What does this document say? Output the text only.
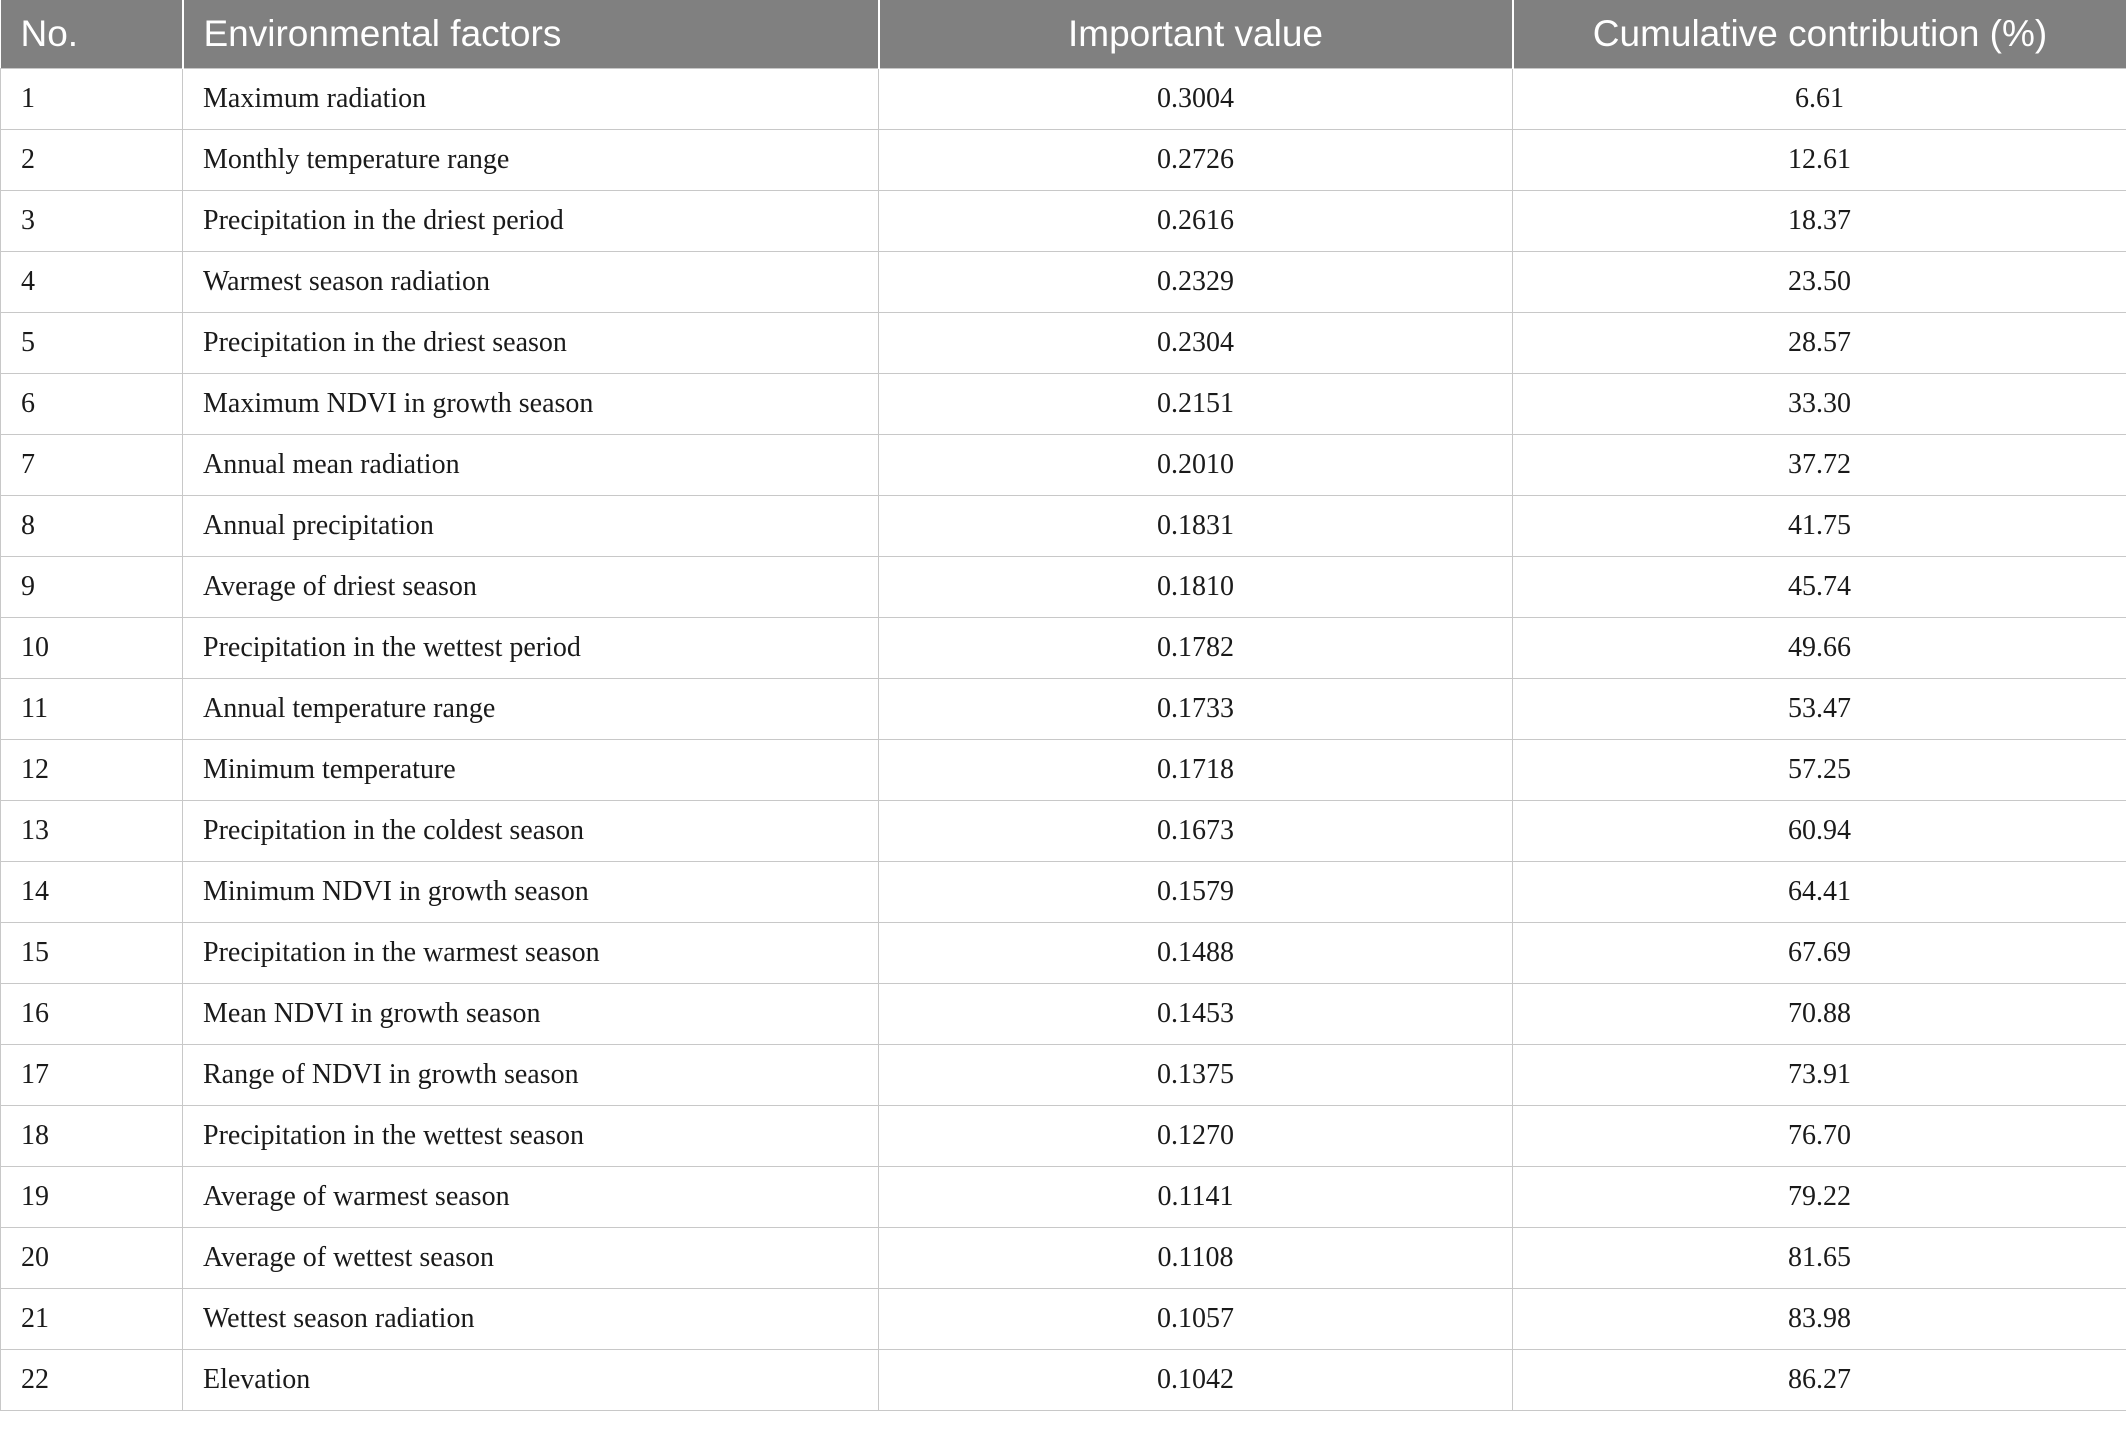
No.	Environmental factors	Important value	Cumulative contribution (%)
1	Maximum radiation	0.3004	6.61
2	Monthly temperature range	0.2726	12.61
3	Precipitation in the driest period	0.2616	18.37
4	Warmest season radiation	0.2329	23.50
5	Precipitation in the driest season	0.2304	28.57
6	Maximum NDVI in growth season	0.2151	33.30
7	Annual mean radiation	0.2010	37.72
8	Annual precipitation	0.1831	41.75
9	Average of driest season	0.1810	45.74
10	Precipitation in the wettest period	0.1782	49.66
11	Annual temperature range	0.1733	53.47
12	Minimum temperature	0.1718	57.25
13	Precipitation in the coldest season	0.1673	60.94
14	Minimum NDVI in growth season	0.1579	64.41
15	Precipitation in the warmest season	0.1488	67.69
16	Mean NDVI in growth season	0.1453	70.88
17	Range of NDVI in growth season	0.1375	73.91
18	Precipitation in the wettest season	0.1270	76.70
19	Average of warmest season	0.1141	79.22
20	Average of wettest season	0.1108	81.65
21	Wettest season radiation	0.1057	83.98
22	Elevation	0.1042	86.27
